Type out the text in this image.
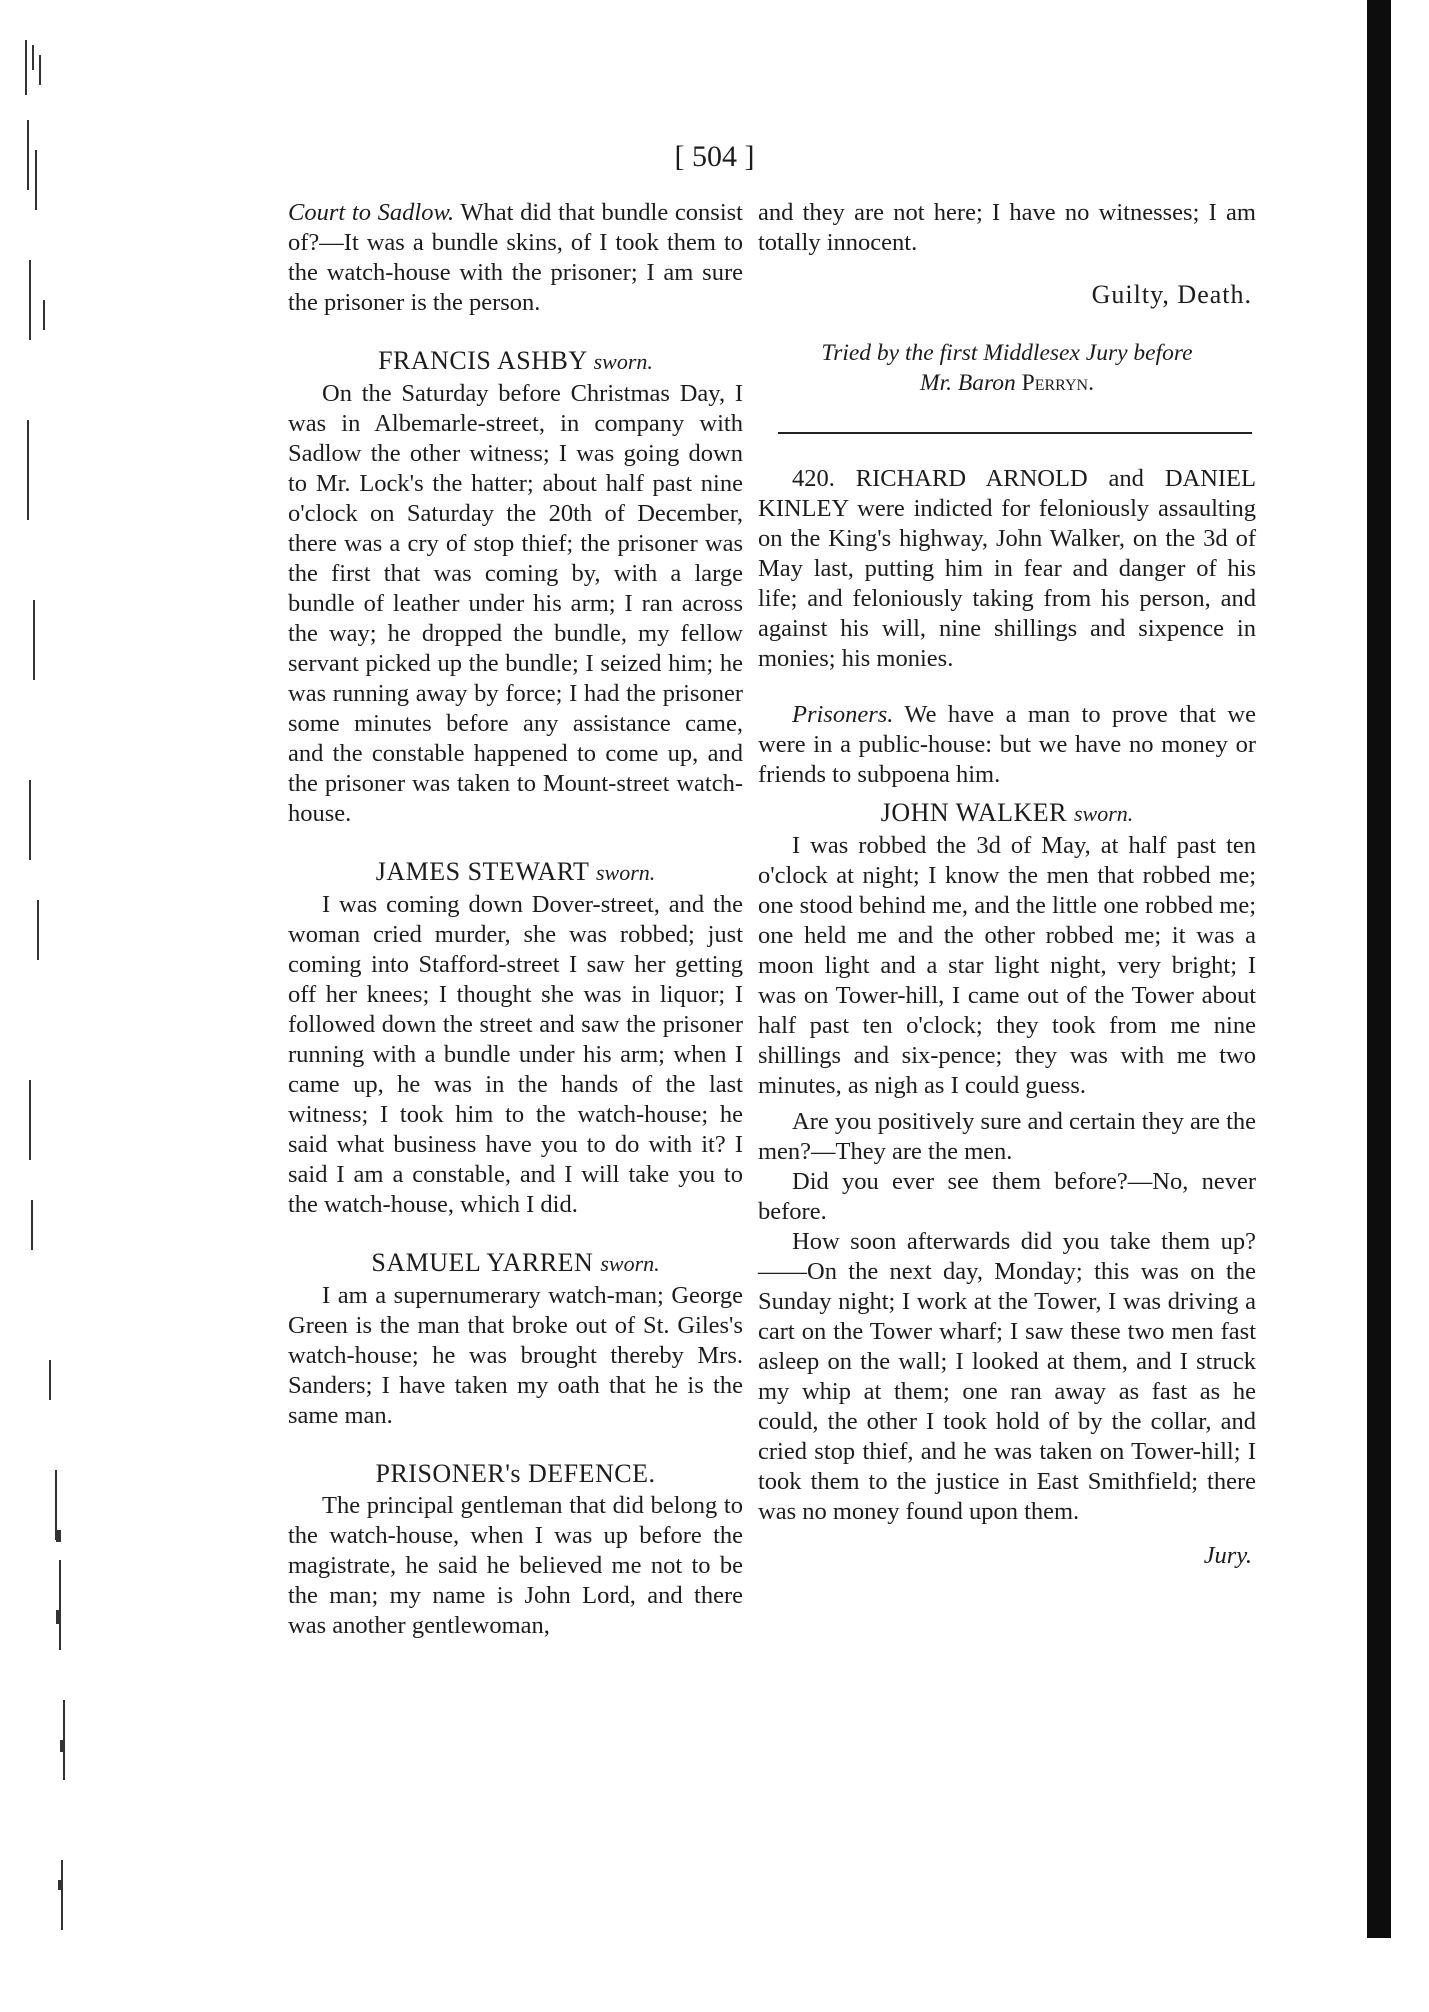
[ 504 ]

Court to Sadlow. What did that bundle consist of?—It was a bundle skins, of I took them to the watch-house with the prisoner; I am sure the prisoner is the person.

FRANCIS ASHBY sworn.

On the Saturday before Christmas Day, I was in Albemarle-street, in company with Sadlow the other witness; I was going down to Mr. Lock's the hatter; about half past nine o'clock on Saturday the 20th of December, there was a cry of stop thief; the prisoner was the first that was coming by, with a large bundle of leather under his arm; I ran across the way; he dropped the bundle, my fellow servant picked up the bundle; I seized him; he was running away by force; I had the prisoner some minutes before any assistance came, and the constable happened to come up, and the prisoner was taken to Mount-street watch-house.

JAMES STEWART sworn.

I was coming down Dover-street, and the woman cried murder, she was robbed; just coming into Stafford-street I saw her getting off her knees; I thought she was in liquor; I followed down the street and saw the prisoner running with a bundle under his arm; when I came up, he was in the hands of the last witness; I took him to the watch-house; he said what business have you to do with it? I said I am a constable, and I will take you to the watch-house, which I did.

SAMUEL YARREN sworn.

I am a supernumerary watch-man; George Green is the man that broke out of St. Giles's watch-house; he was brought thereby Mrs. Sanders; I have taken my oath that he is the same man.

PRISONER's DEFENCE.

The principal gentleman that did belong to the watch-house, when I was up before the magistrate, he said he believed me not to be the man; my name is John Lord, and there was another gentlewoman,

and they are not here; I have no witnesses; I am totally innocent.

Guilty, Death.

Tried by the first Middlesex Jury before
Mr. Baron Perryn.

420. RICHARD ARNOLD and DANIEL KINLEY were indicted for feloniously assaulting on the King's highway, John Walker, on the 3d of May last, putting him in fear and danger of his life; and feloniously taking from his person, and against his will, nine shillings and sixpence in monies; his monies.

Prisoners. We have a man to prove that we were in a public-house: but we have no money or friends to subpoena him.

JOHN WALKER sworn.

I was robbed the 3d of May, at half past ten o'clock at night; I know the men that robbed me; one stood behind me, and the little one robbed me; one held me and the other robbed me; it was a moon light and a star light night, very bright; I was on Tower-hill, I came out of the Tower about half past ten o'clock; they took from me nine shillings and six-pence; they was with me two minutes, as nigh as I could guess.

Are you positively sure and certain they are the men?—They are the men.

Did you ever see them before?—No, never before.

How soon afterwards did you take them up?——On the next day, Monday; this was on the Sunday night; I work at the Tower, I was driving a cart on the Tower wharf; I saw these two men fast asleep on the wall; I looked at them, and I struck my whip at them; one ran away as fast as he could, the other I took hold of by the collar, and cried stop thief, and he was taken on Tower-hill; I took them to the justice in East Smithfield; there was no money found upon them.

Jury.
